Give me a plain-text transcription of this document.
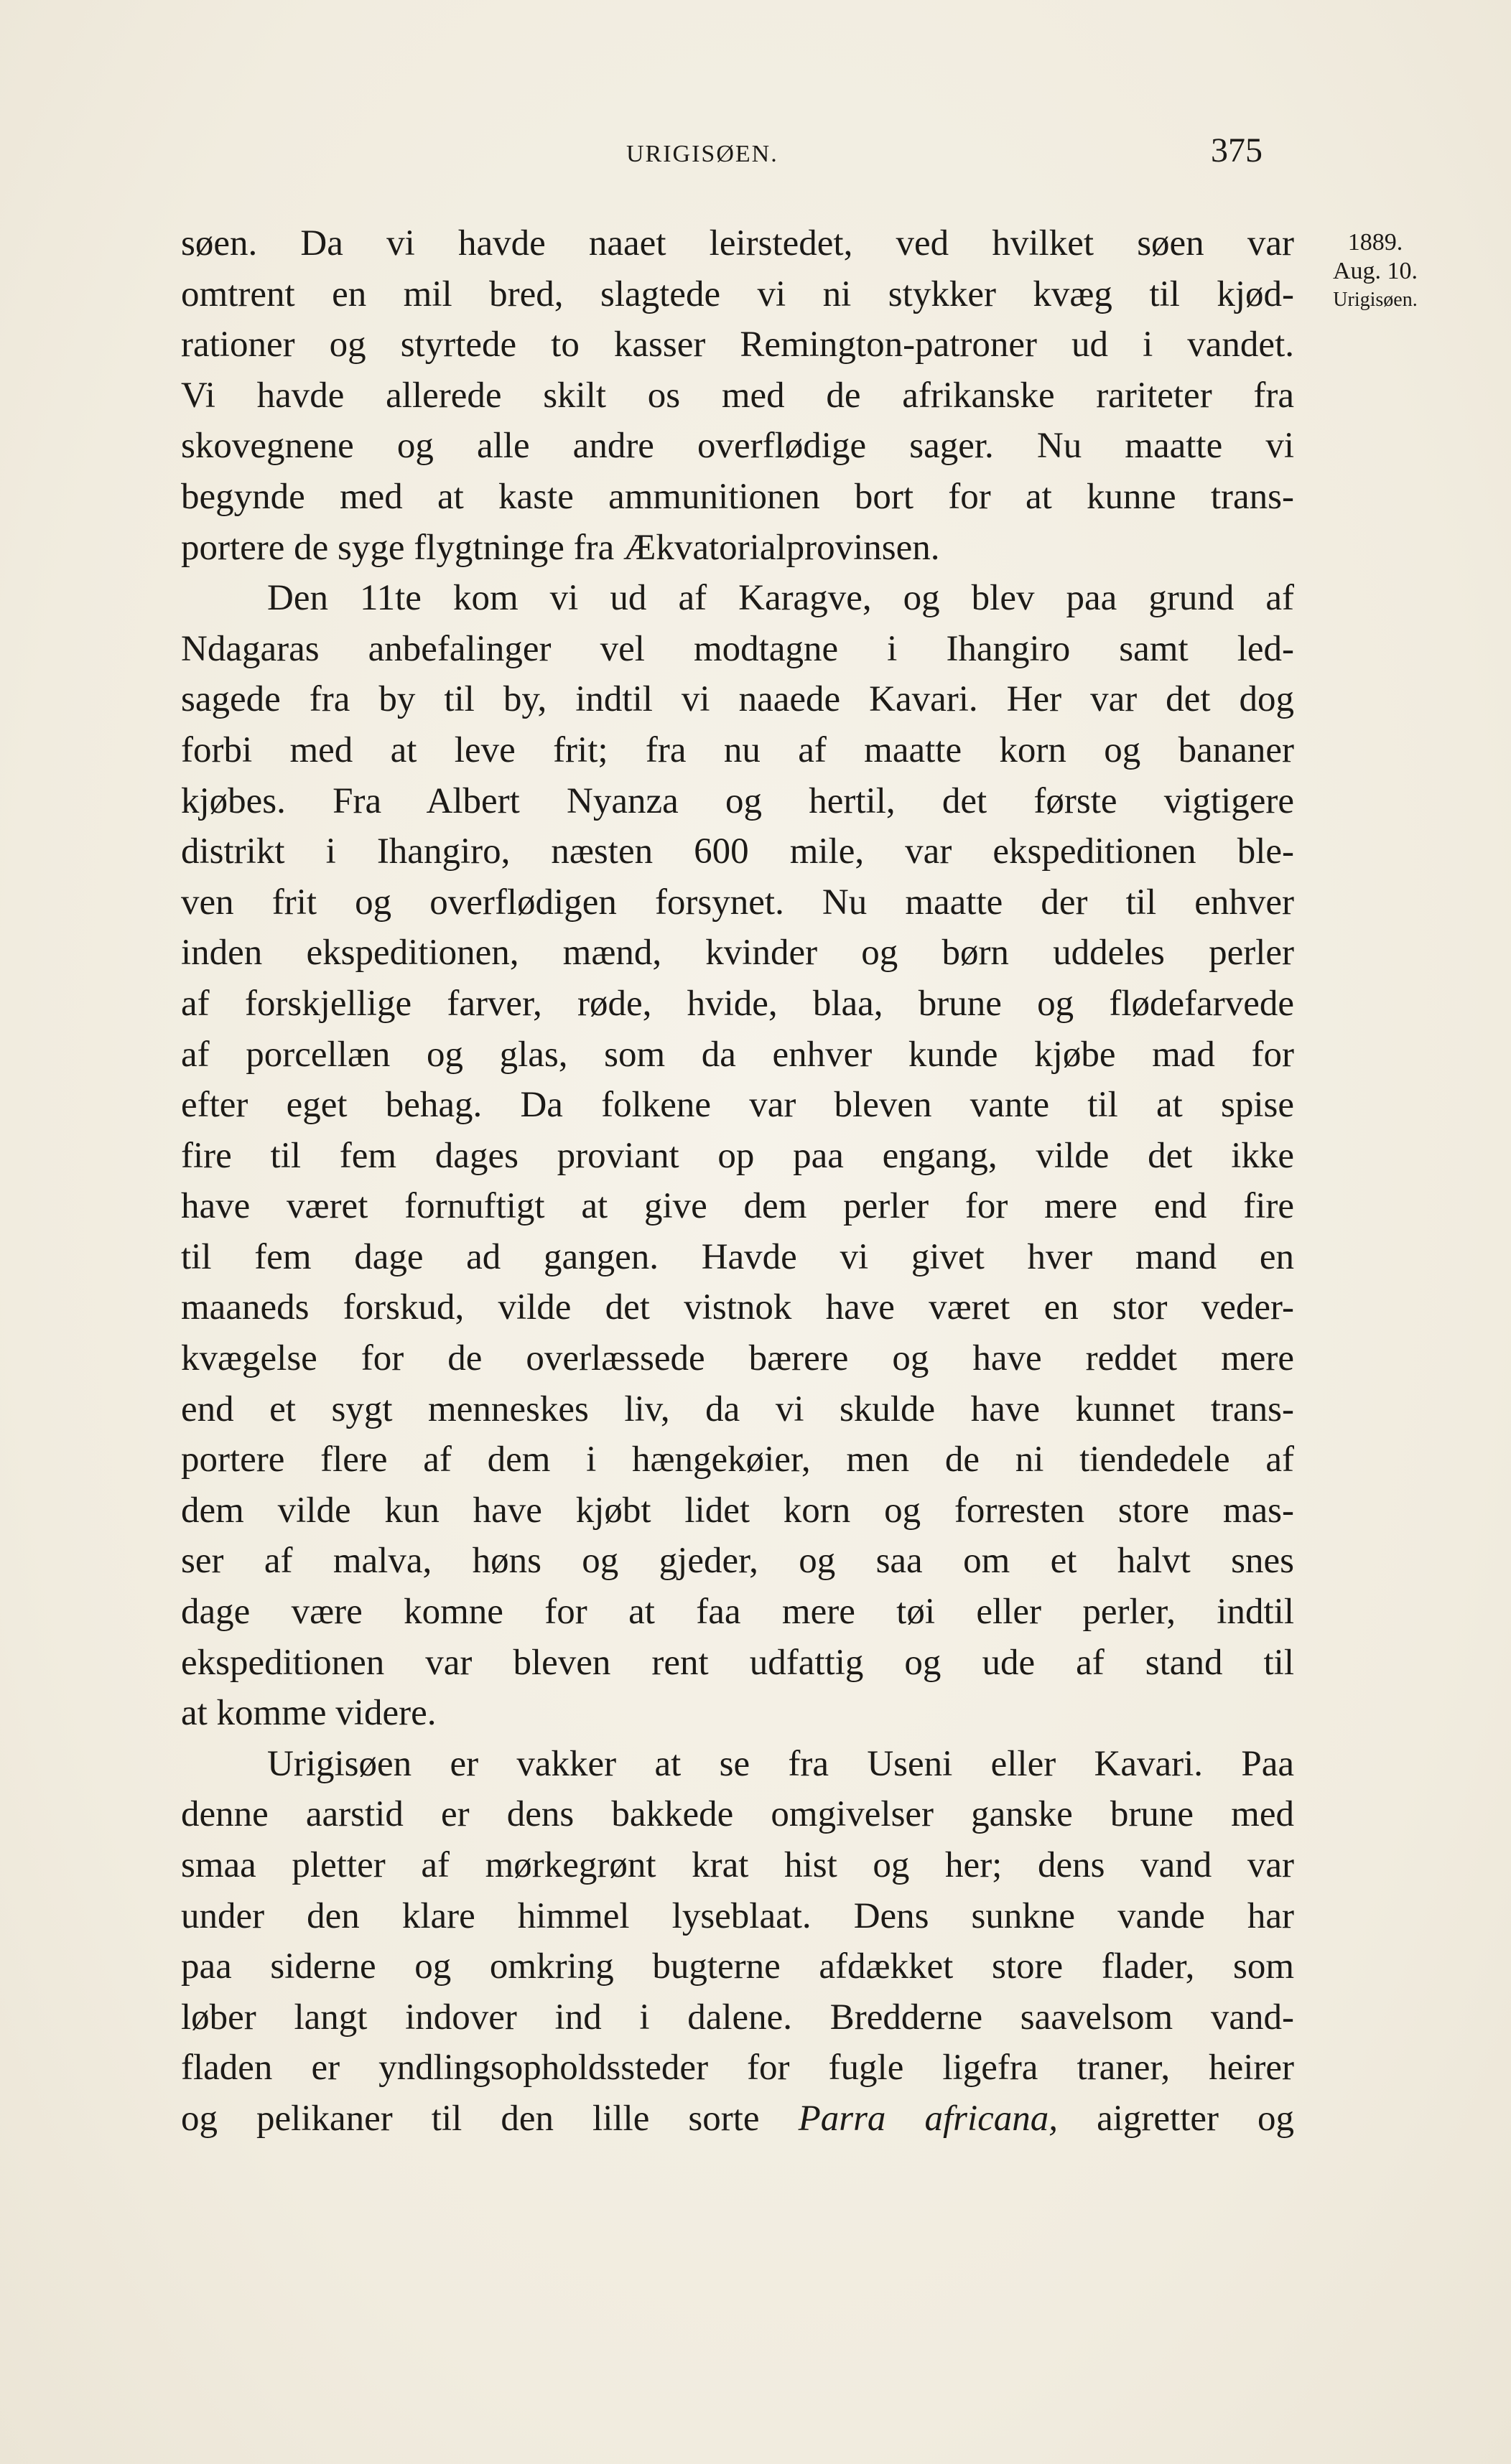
URIGISØEN.	375
1889.
Aug. 10.
Urigisøen.
søen. Da vi havde naaet leirstedet, ved hvilket søen var
omtrent en mil bred, slagtede vi ni stykker kvæg til kjød-
rationer og styrtede to kasser Remington-patroner ud i vandet.
Vi havde allerede skilt os med de afrikanske rariteter fra
skovegnene og alle andre overflødige sager. Nu maatte vi
begynde med at kaste ammunitionen bort for at kunne trans-
portere de syge flygtninge fra Ækvatorialprovinsen.
Den 11te kom vi ud af Karagve, og blev paa grund af
Ndagaras anbefalinger vel modtagne i Ihangiro samt led-
sagede fra by til by, indtil vi naaede Kavari. Her var det dog
forbi med at leve frit; fra nu af maatte korn og bananer
kjøbes. Fra Albert Nyanza og hertil, det første vigtigere
distrikt i Ihangiro, næsten 600 mile, var ekspeditionen ble-
ven frit og overflødigen forsynet. Nu maatte der til enhver
inden ekspeditionen, mænd, kvinder og børn uddeles perler
af forskjellige farver, røde, hvide, blaa, brune og flødefarvede
af porcellæn og glas, som da enhver kunde kjøbe mad for
efter eget behag. Da folkene var bleven vante til at spise
fire til fem dages proviant op paa engang, vilde det ikke
have været fornuftigt at give dem perler for mere end fire
til fem dage ad gangen. Havde vi givet hver mand en
maaneds forskud, vilde det vistnok have været en stor veder-
kvægelse for de overlæssede bærere og have reddet mere
end et sygt menneskes liv, da vi skulde have kunnet trans-
portere flere af dem i hængekøier, men de ni tiendedele af
dem vilde kun have kjøbt lidet korn og forresten store mas-
ser af malva, høns og gjeder, og saa om et halvt snes
dage være komne for at faa mere tøi eller perler, indtil
ekspeditionen var bleven rent udfattig og ude af stand til
at komme videre.
Urigisøen er vakker at se fra Useni eller Kavari. Paa
denne aarstid er dens bakkede omgivelser ganske brune med
smaa pletter af mørkegrønt krat hist og her; dens vand var
under den klare himmel lyseblaat. Dens sunkne vande har
paa siderne og omkring bugterne afdækket store flader, som
løber langt indover ind i dalene. Bredderne saavelsom vand-
fladen er yndlingsopholdssteder for fugle ligefra traner, heirer
og pelikaner til den lille sorte Parra africana, aigretter og
